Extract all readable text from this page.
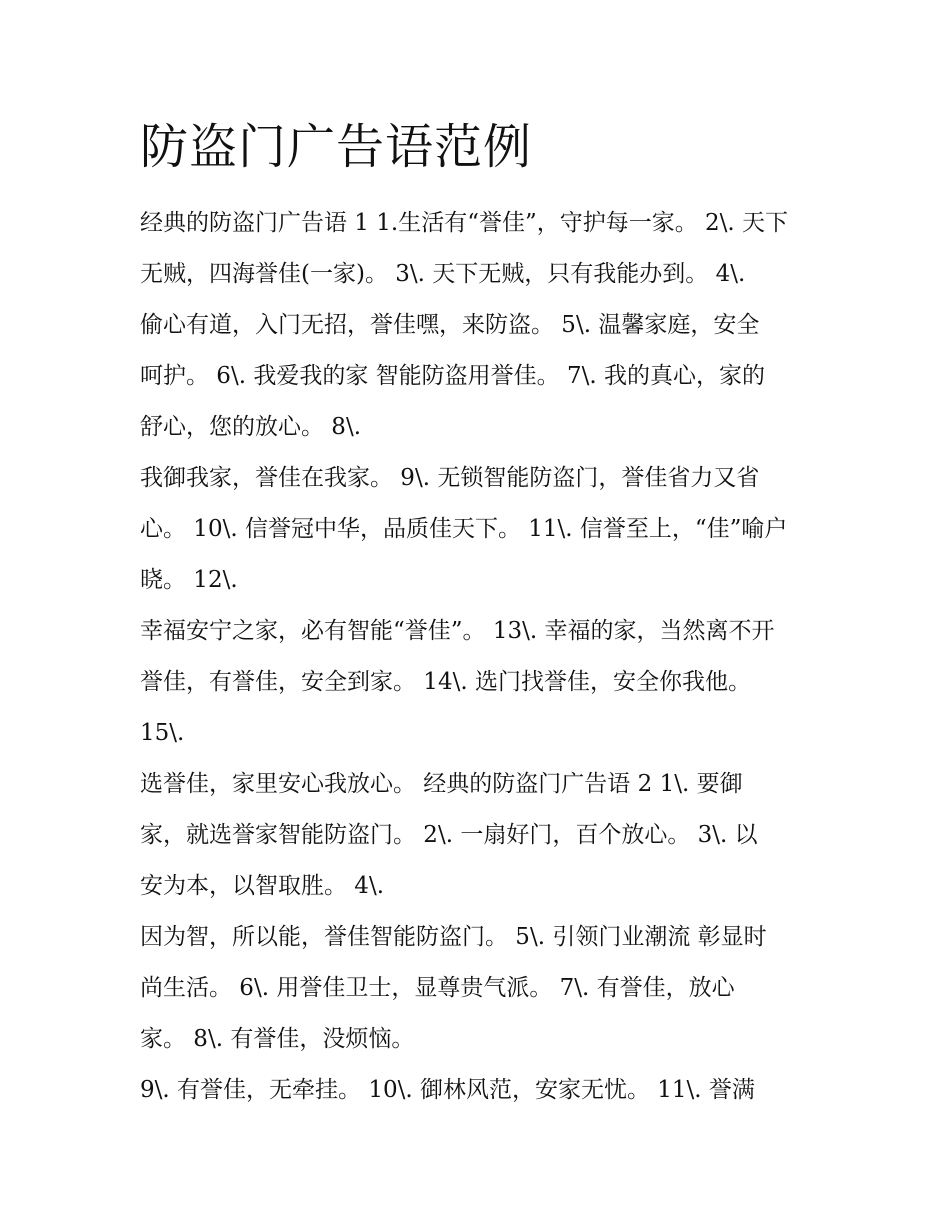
防盗门广告语范例
经典的防盗门广告语 1 1.生活有“誉佳”，守护每一家。 2\. 天下
无贼，四海誉佳(一家)。 3\. 天下无贼，只有我能办到。 4\.
偷心有道，入门无招，誉佳嘿，来防盗。 5\. 温馨家庭，安全
呵护。 6\. 我爱我的家 智能防盗用誉佳。 7\. 我的真心，家的
舒心，您的放心。 8\.
我御我家，誉佳在我家。 9\. 无锁智能防盗门，誉佳省力又省
心。 10\. 信誉冠中华，品质佳天下。 11\. 信誉至上，“佳”喻户
晓。 12\.
幸福安宁之家，必有智能“誉佳”。 13\. 幸福的家，当然离不开
誉佳，有誉佳，安全到家。 14\. 选门找誉佳，安全你我他。
15\.
选誉佳，家里安心我放心。 经典的防盗门广告语 2 1\. 要御
家，就选誉家智能防盗门。 2\. 一扇好门，百个放心。 3\. 以
安为本，以智取胜。 4\.
因为智，所以能，誉佳智能防盗门。 5\. 引领门业潮流 彰显时
尚生活。 6\. 用誉佳卫士，显尊贵气派。 7\. 有誉佳，放心
家。 8\. 有誉佳，没烦恼。
9\. 有誉佳，无牵挂。 10\. 御林风范，安家无忧。 11\. 誉满
